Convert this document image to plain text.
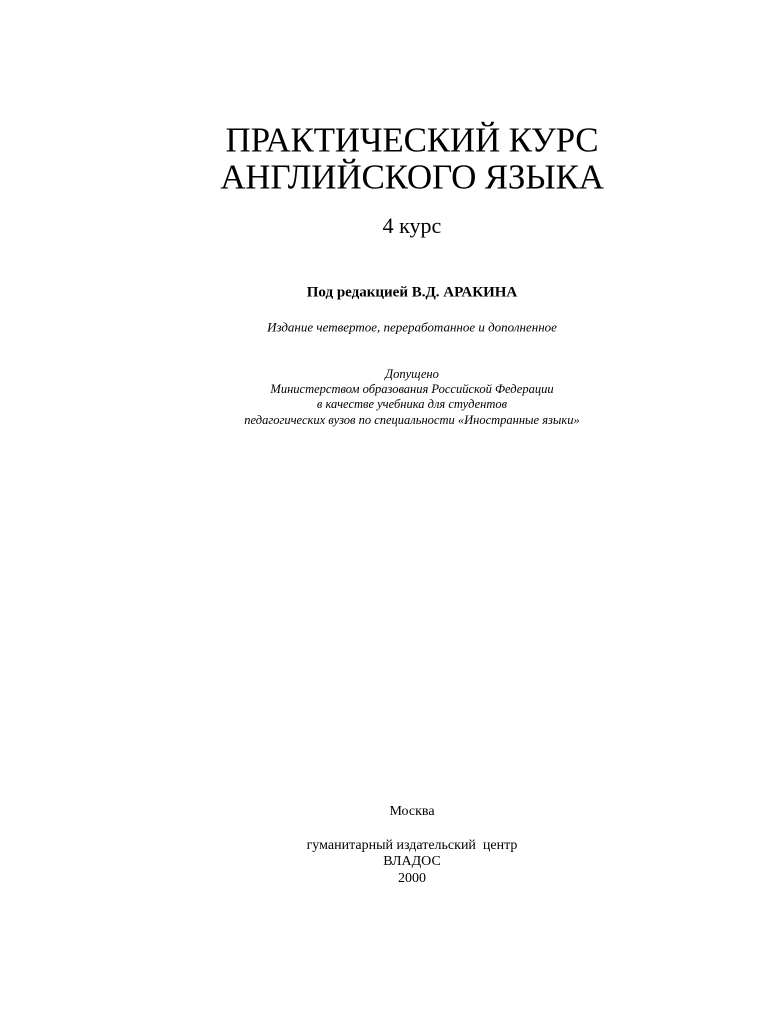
ПРАКТИЧЕСКИЙ КУРС
АНГЛИЙСКОГО ЯЗЫКА
4 курс
Под редакцией В.Д. АРАКИНА
Издание четвертое, переработанное и дополненное
Допущено
Министерством образования Российской Федерации
в качестве учебника для студентов
педагогических вузов по специальности «Иностранные языки»
Москва
гуманитарный издательский  центр
ВЛАДОС
2000
